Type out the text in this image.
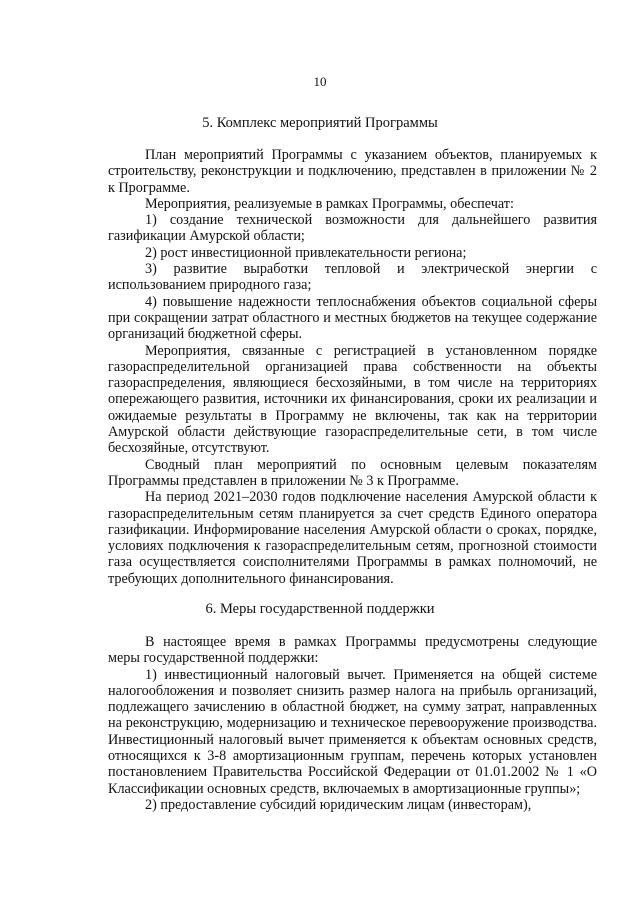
10
5. Комплекс мероприятий Программы

План мероприятий Программы с указанием объектов, планируемых к строительству, реконструкции и подключению, представлен в приложении № 2 к Программе.

Мероприятия, реализуемые в рамках Программы, обеспечат:

1) создание технической возможности для дальнейшего развития газификации Амурской области;

2) рост инвестиционной привлекательности региона;

3) развитие выработки тепловой и электрической энергии с использованием природного газа;

4) повышение надежности теплоснабжения объектов социальной сферы при сокращении затрат областного и местных бюджетов на текущее содержание организаций бюджетной сферы.

Мероприятия, связанные с регистрацией в установленном порядке газораспределительной организацией права собственности на объекты газораспределения, являющиеся бесхозяйными, в том числе на территориях опережающего развития, источники их финансирования, сроки их реализации и ожидаемые результаты в Программу не включены, так как на территории Амурской области действующие газораспределительные сети, в том числе бесхозяйные, отсутствуют.

Сводный план мероприятий по основным целевым показателям Программы представлен в приложении № 3 к Программе.

На период 2021–2030 годов подключение населения Амурской области к газораспределительным сетям планируется за счет средств Единого оператора газификации. Информирование населения Амурской области о сроках, порядке, условиях подключения к газораспределительным сетям, прогнозной стоимости газа осуществляется соисполнителями Программы в рамках полномочий, не требующих дополнительного финансирования.

6. Меры государственной поддержки

В настоящее время в рамках Программы предусмотрены следующие меры государственной поддержки:

1) инвестиционный налоговый вычет. Применяется на общей системе налогообложения и позволяет снизить размер налога на прибыль организаций, подлежащего зачислению в областной бюджет, на сумму затрат, направленных на реконструкцию, модернизацию и техническое перевооружение производства. Инвестиционный налоговый вычет применяется к объектам основных средств, относящихся к 3-8 амортизационным группам, перечень которых установлен постановлением Правительства Российской Федерации от 01.01.2002 № 1 «О Классификации основных средств, включаемых в амортизационные группы»;

2) предоставление субсидий юридическим лицам (инвесторам),
